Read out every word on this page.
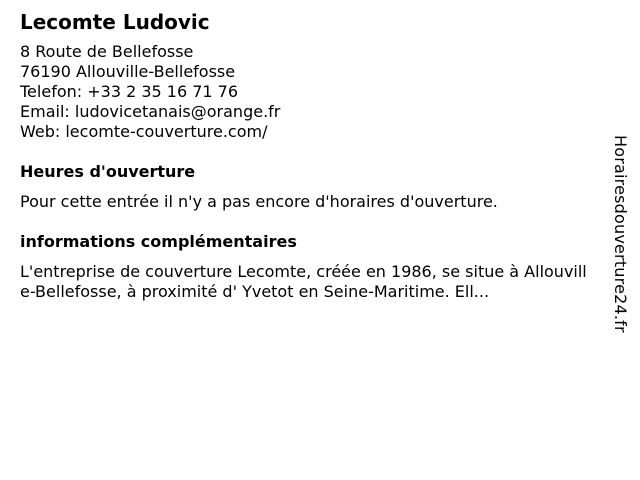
Lecomte Ludovic
8 Route de Bellefosse
76190 Allouville-Bellefosse
Telefon: +33 2 35 16 71 76
Email: ludovicetanais@orange.fr
Web: lecomte-couverture.com/
Heures d'ouverture
Pour cette entrée il n'y a pas encore d'horaires d'ouverture.
informations complémentaires
L'entreprise de couverture Lecomte, créée en 1986, se situe à Allouville-Bellefosse, à proximité d' Yvetot en Seine-Maritime. Ell...	Horairesdouverture24.fr
